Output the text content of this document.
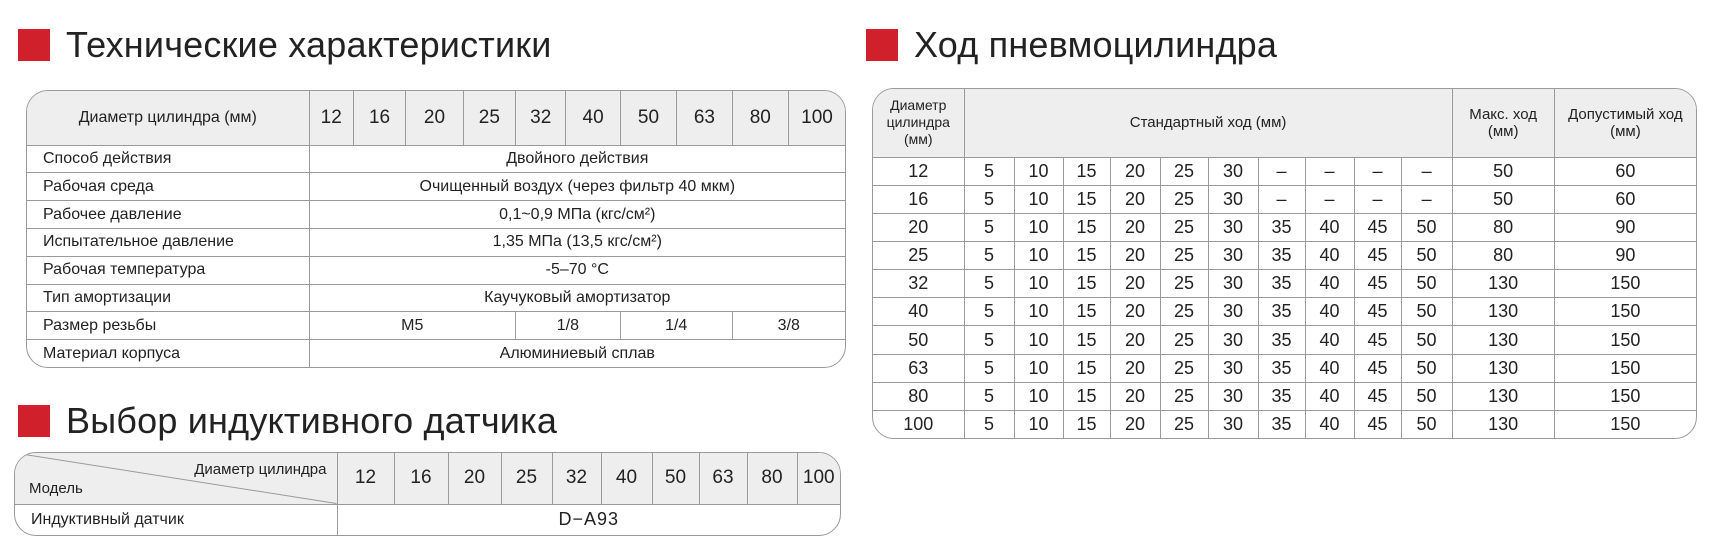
Технические характеристики
Диаметр цилиндра (мм)	12	16	20	25	32	40	50	63	80	100
Способ действия	Двойного действия									
Рабочая среда	Очищенный воздух (через фильтр 40 мкм)									
Рабочее давление	0,1~0,9 МПа (кгс/см²)									
Испытательное давление	1,35 МПа (13,5 кгс/см²)									
Рабочая температура	-5–70 °C									
Тип амортизации	Каучуковый амортизатор									
Размер резьбы	M5				1/8		1/4		3/8	
Материал корпуса	Алюминиевый сплав									
Выбор индуктивного датчика
Диаметр цилиндра
Модель	12	16	20	25	32	40	50	63	80	100
Индуктивный датчик	D−A93									
Ход пневмоцилиндра
Диаметр цилиндра (мм)	Стандартный ход (мм)										Макс. ход (мм)	Допустимый ход (мм)
12	5	10	15	20	25	30	–	–	–	–	50	60
16	5	10	15	20	25	30	–	–	–	–	50	60
20	5	10	15	20	25	30	35	40	45	50	80	90
25	5	10	15	20	25	30	35	40	45	50	80	90
32	5	10	15	20	25	30	35	40	45	50	130	150
40	5	10	15	20	25	30	35	40	45	50	130	150
50	5	10	15	20	25	30	35	40	45	50	130	150
63	5	10	15	20	25	30	35	40	45	50	130	150
80	5	10	15	20	25	30	35	40	45	50	130	150
100	5	10	15	20	25	30	35	40	45	50	130	150
